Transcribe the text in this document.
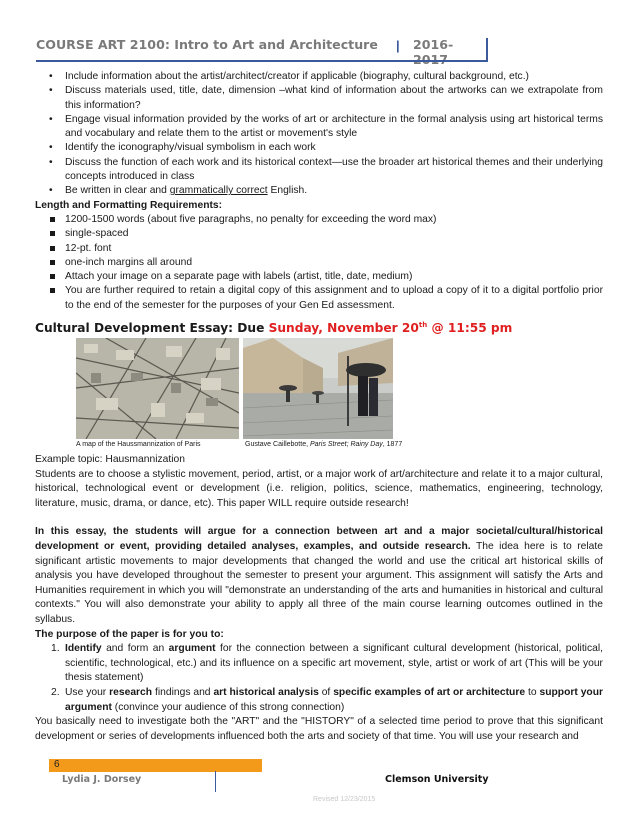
COURSE ART 2100: Intro to Art and Architecture | 2016-
• Include information about the artist/architect/creator if applicable (biography, cultural background, etc.)
• Discuss materials used, title, date, dimension –what kind of information about the artworks can we extrapolate from this information?
• Engage visual information provided by the works of art or architecture in the formal analysis using art historical terms and vocabulary and relate them to the artist or movement's style
• Identify the iconography/visual symbolism in each work
• Discuss the function of each work and its historical context—use the broader art historical themes and their underlying concepts introduced in class
• Be written in clear and grammatically correct English.
Length and Formatting Requirements:
1200-1500 words (about five paragraphs, no penalty for exceeding the word max)
single-spaced
12-pt. font
one-inch margins all around
Attach your image on a separate page with labels (artist, title, date, medium)
You are further required to retain a digital copy of this assignment and to upload a copy of it to a digital portfolio prior to the end of the semester for the purposes of your Gen Ed assessment.
Cultural Development Essay: Due Sunday, November 20th @ 11:55 pm
A map of the Haussmannization of Paris	Gustave Caillebotte, Paris Street; Rainy Day, 1877

Example topic: Hausmannization

Students are to choose a stylistic movement, period, artist, or a major work of art/architecture and relate it to a major cultural, historical, technological event or development (i.e. religion, politics, science, mathematics, engineering, technology, literature, music, drama, or dance, etc). This paper WILL require outside research!

In this essay, the students will argue for a connection between art and a major societal/cultural/historical development or event, providing detailed analyses, examples, and outside research. The idea here is to relate significant artistic movements to major developments that changed the world and use the critical art historical skills of analysis you have developed throughout the semester to present your argument. This assignment will satisfy the Arts and Humanities requirement in which you will "demonstrate an understanding of the arts and humanities in historical and cultural contexts." You will also demonstrate your ability to apply all three of the main course learning outcomes outlined in the syllabus.

The purpose of the paper is for you to:

1. Identify and form an argument for the connection between a significant cultural development (historical, political, scientific, technological, etc.) and its influence on a specific art movement, style, artist or work of art (This will be your thesis statement)
2. Use your research findings and art historical analysis of specific examples of art or architecture to support your argument (convince your audience of this strong connection)

You basically need to investigate both the "ART" and the "HISTORY" of a selected time period to prove that this significant development or series of developments influenced both the arts and society of that time. You will use your research and

6
Lydia J. Dorsey	Clemson University
Revised 12/23/2015
